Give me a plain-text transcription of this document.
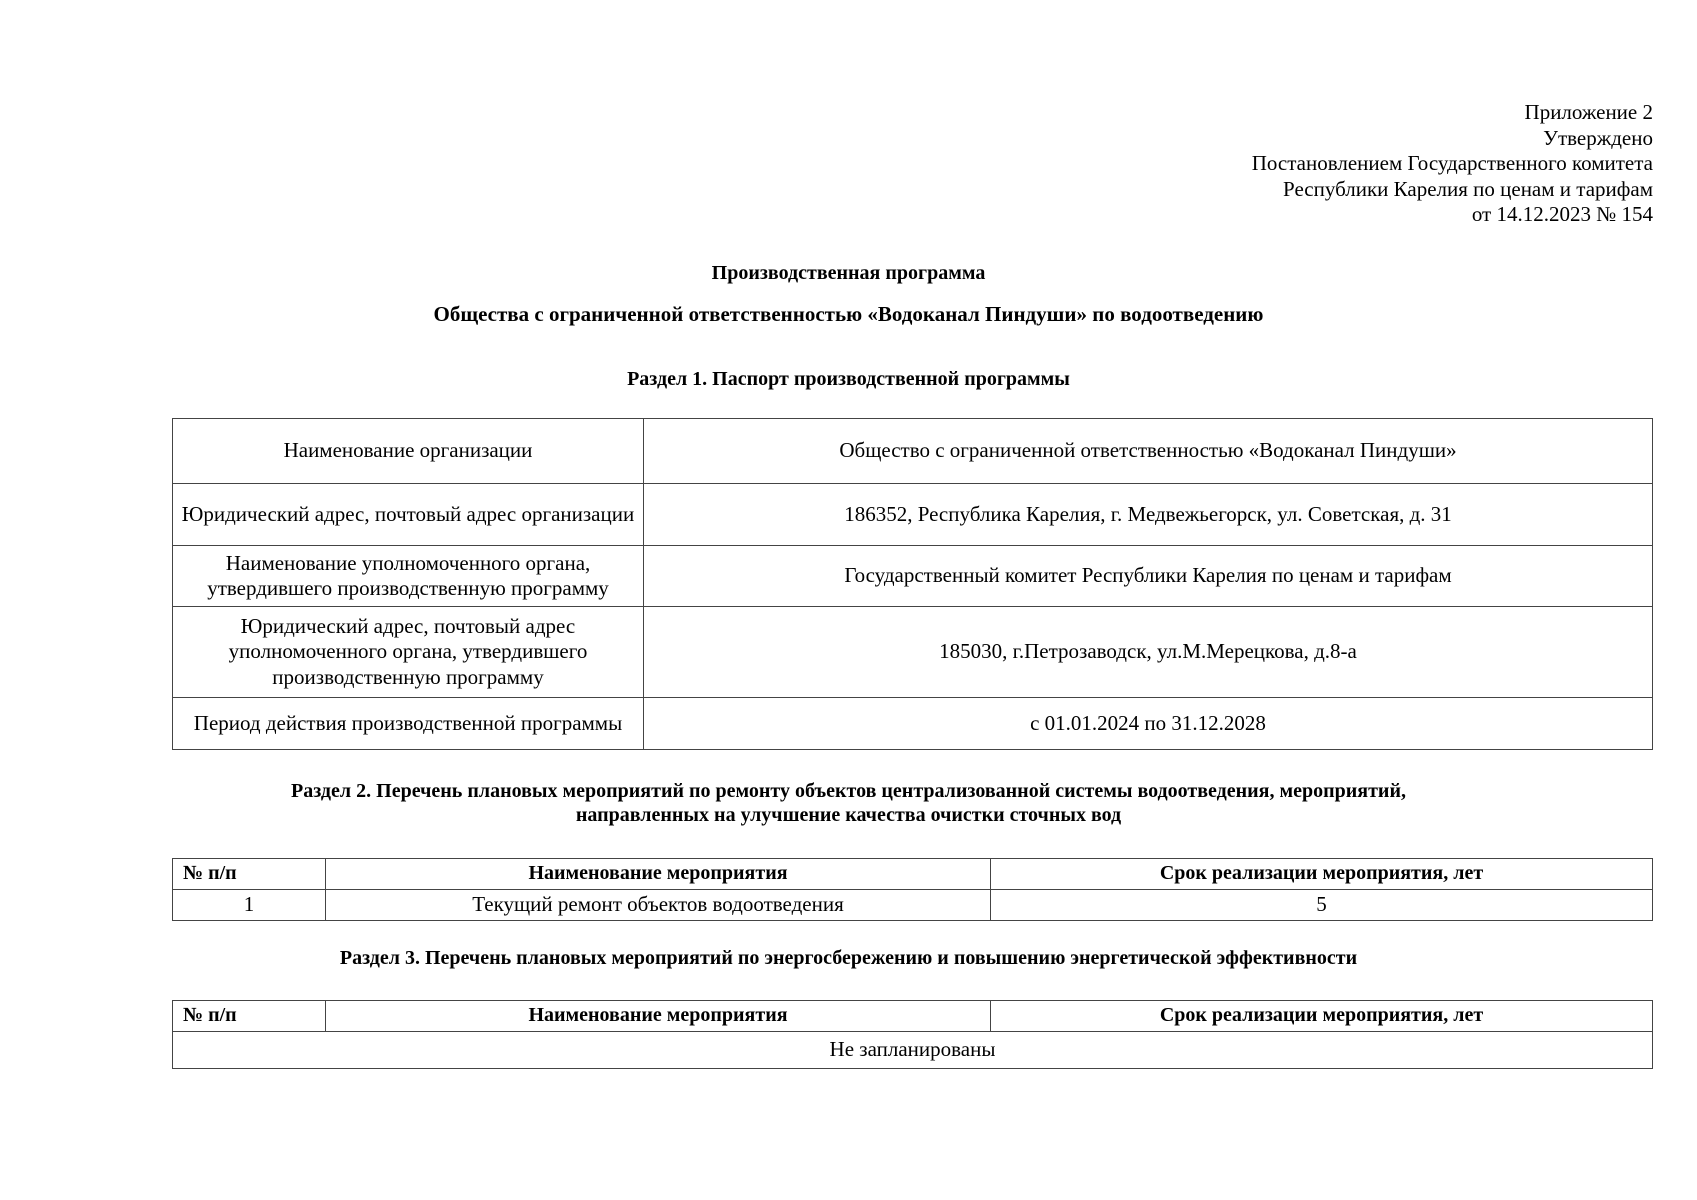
Приложение 2
Утверждено
Постановлением Государственного комитета
Республики Карелия по ценам и тарифам
от 14.12.2023 № 154
Производственная программа
Общества с ограниченной ответственностью «Водоканал Пиндуши» по водоотведению
Раздел 1. Паспорт производственной программы
Наименование организации	Общество с ограниченной ответственностью «Водоканал Пиндуши»
Юридический адрес, почтовый адрес организации	186352, Республика Карелия, г. Медвежьегорск, ул. Советская, д. 31
Наименование уполномоченного органа, утвердившего производственную программу	Государственный комитет Республики Карелия по ценам и тарифам
Юридический адрес, почтовый адрес уполномоченного органа, утвердившего производственную программу	185030, г.Петрозаводск, ул.М.Мерецкова, д.8-а
Период действия производственной программы	с 01.01.2024 по 31.12.2028
Раздел 2. Перечень плановых мероприятий по ремонту объектов централизованной системы водоотведения, мероприятий,
направленных на улучшение качества очистки сточных вод
№ п/п	Наименование мероприятия	Срок реализации мероприятия, лет
1	Текущий ремонт объектов водоотведения	5
Раздел 3. Перечень плановых мероприятий по энергосбережению и повышению энергетической эффективности
№ п/п	Наименование мероприятия	Срок реализации мероприятия, лет
Не запланированы
